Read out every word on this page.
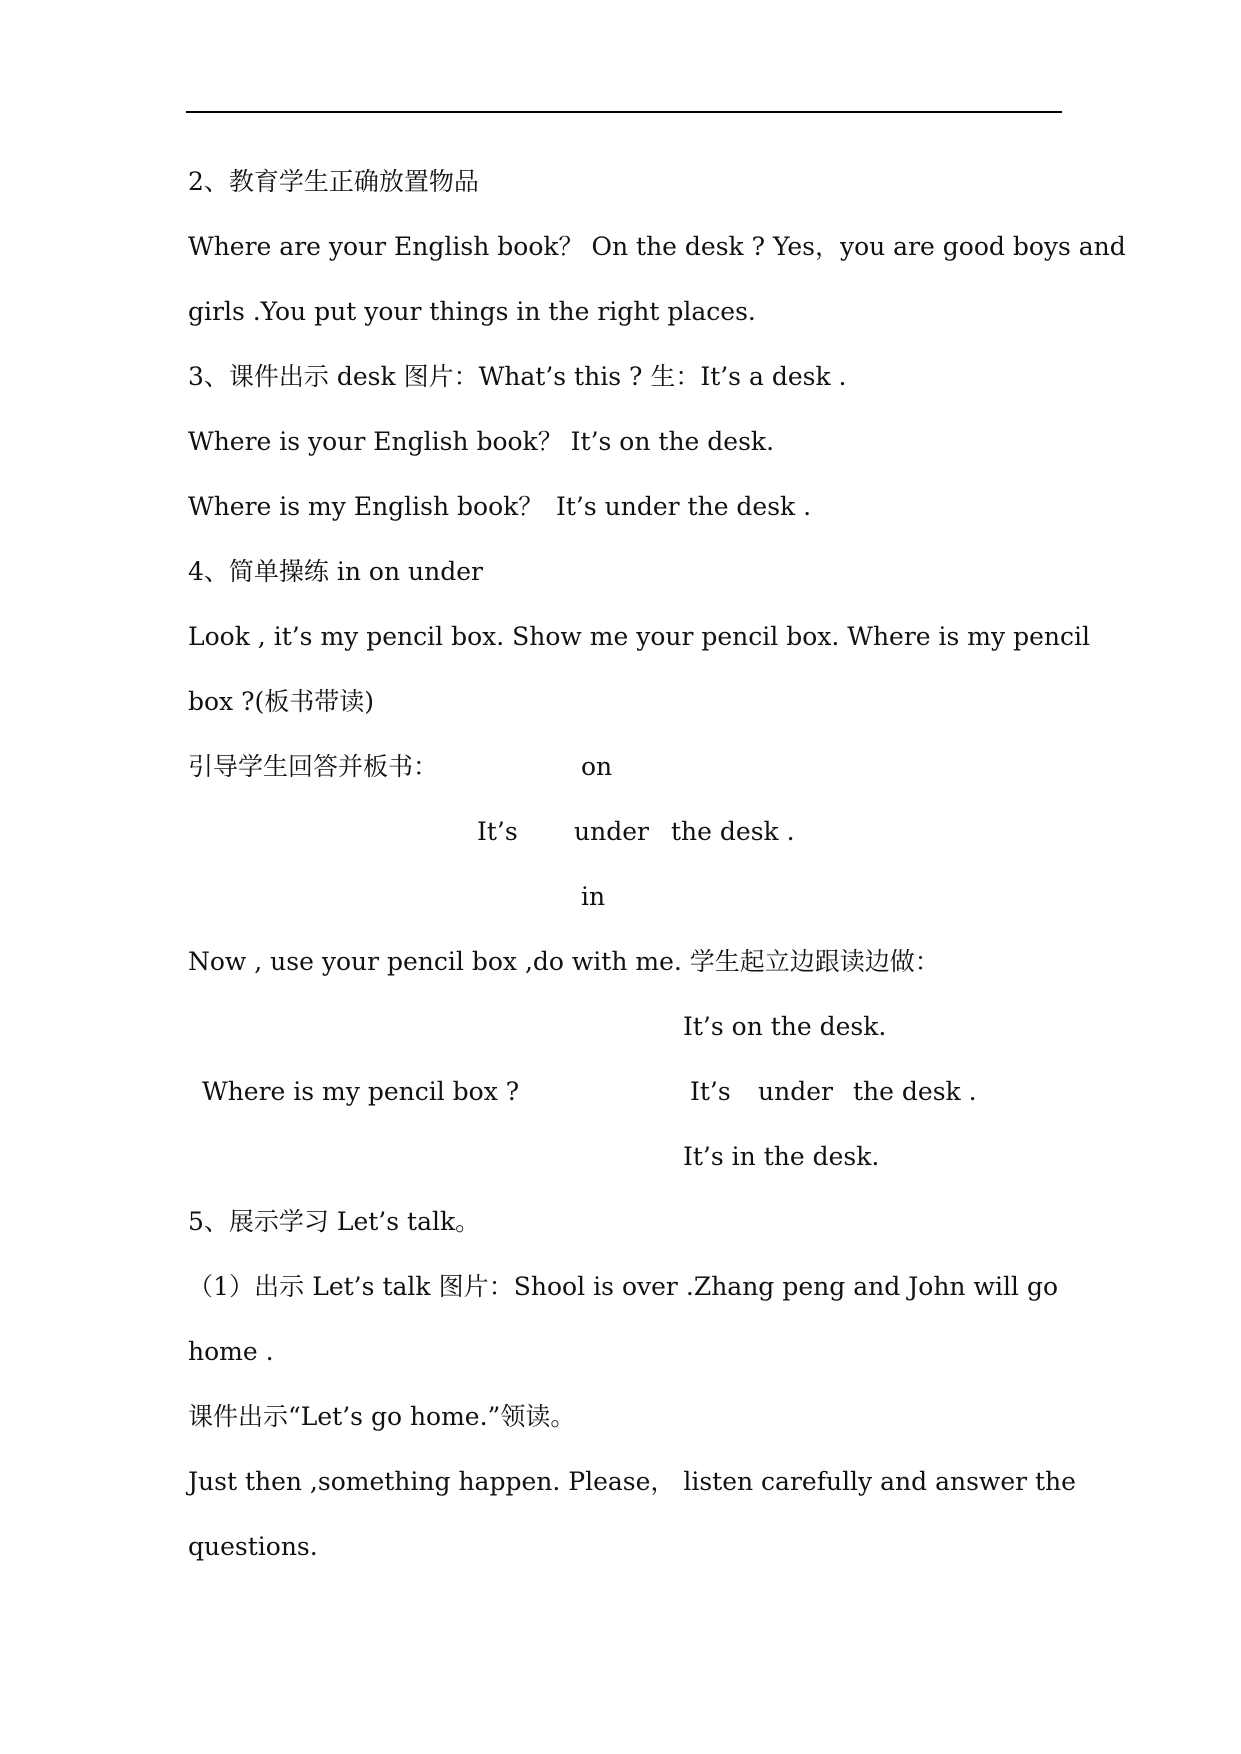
2、教育学生正确放置物品
Where are your English book？ On the desk ? Yes，you are good boys and
girls .You put your things in the right places.
3、课件出示 desk 图片：What’s this ? 生：It’s a desk .
Where is your English book？ It’s on the desk.
Where is my English book？ It’s under the desk .
4、简单操练 in on under
Look , it’s my pencil box. Show me your pencil box. Where is my pencil
box ?(板书带读)
引导学生回答并板书：	on
It’s under the desk .
in
Now , use your pencil box ,do with me. 学生起立边跟读边做：
It’s on the desk.
Where is my pencil box ?	It’s under the desk .
It’s in the desk.
5、展示学习 Let’s talk。
（1）出示 Let’s talk 图片：Shool is over .Zhang peng and John will go
home .
课件出示“Let’s go home.”领读。
Just then ,something happen. Please， listen carefully and answer the
questions.
